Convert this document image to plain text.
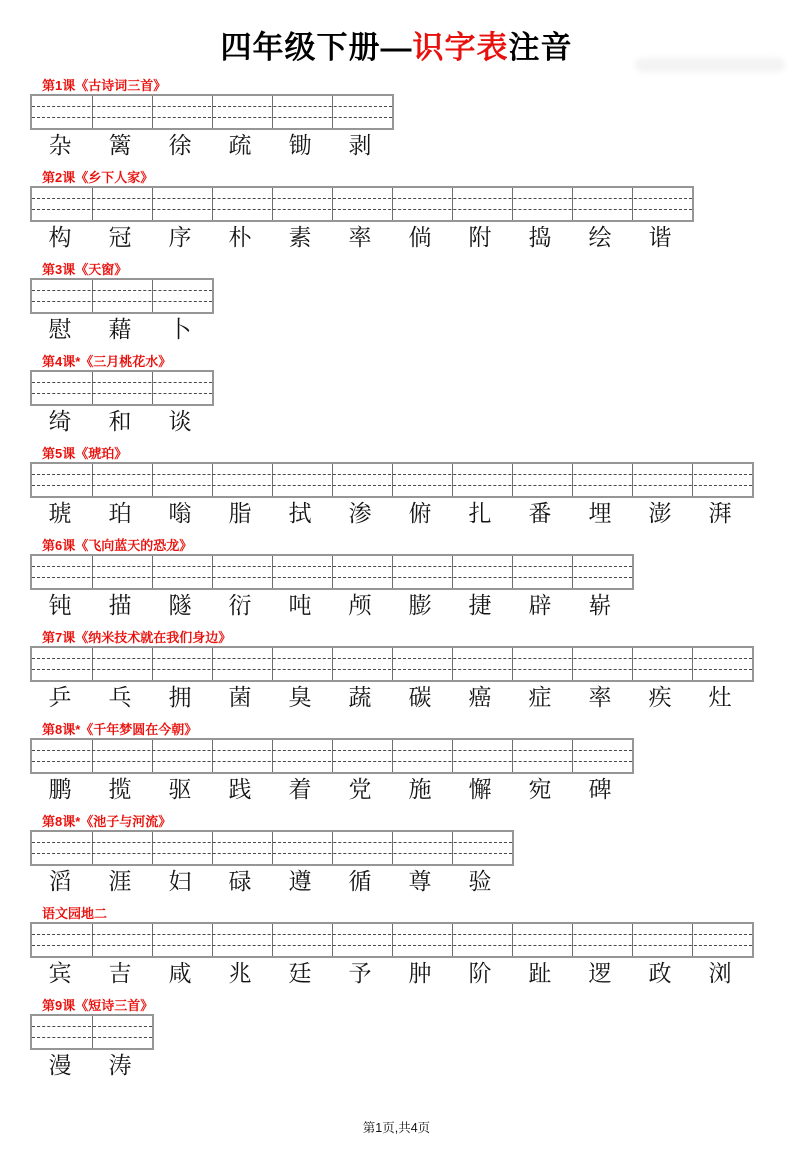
四年级下册—识字表注音
第1课《古诗词三首》
杂	篱	徐	疏	锄	剥
第2课《乡下人家》
构	冠	序	朴	素	率	倘	附	捣	绘	谐
第3课《天窗》
慰	藉	卜
第4课*《三月桃花水》
绮	和	谈
第5课《琥珀》
琥	珀	嗡	脂	拭	渗	俯	扎	番	埋	澎	湃
第6课《飞向蓝天的恐龙》
钝	描	隧	衍	吨	颅	膨	捷	辟	崭
第7课《纳米技术就在我们身边》
乒	乓	拥	菌	臭	蔬	碳	癌	症	率	疾	灶
第8课*《千年梦圆在今朝》
鹏	揽	驱	践	着	党	施	懈	宛	碑
第8课*《池子与河流》
滔	涯	妇	碌	遵	循	尊	验
语文园地二
宾	吉	咸	兆	廷	予	肿	阶	趾	逻	政	浏
第9课《短诗三首》
漫	涛
第1页,共4页
